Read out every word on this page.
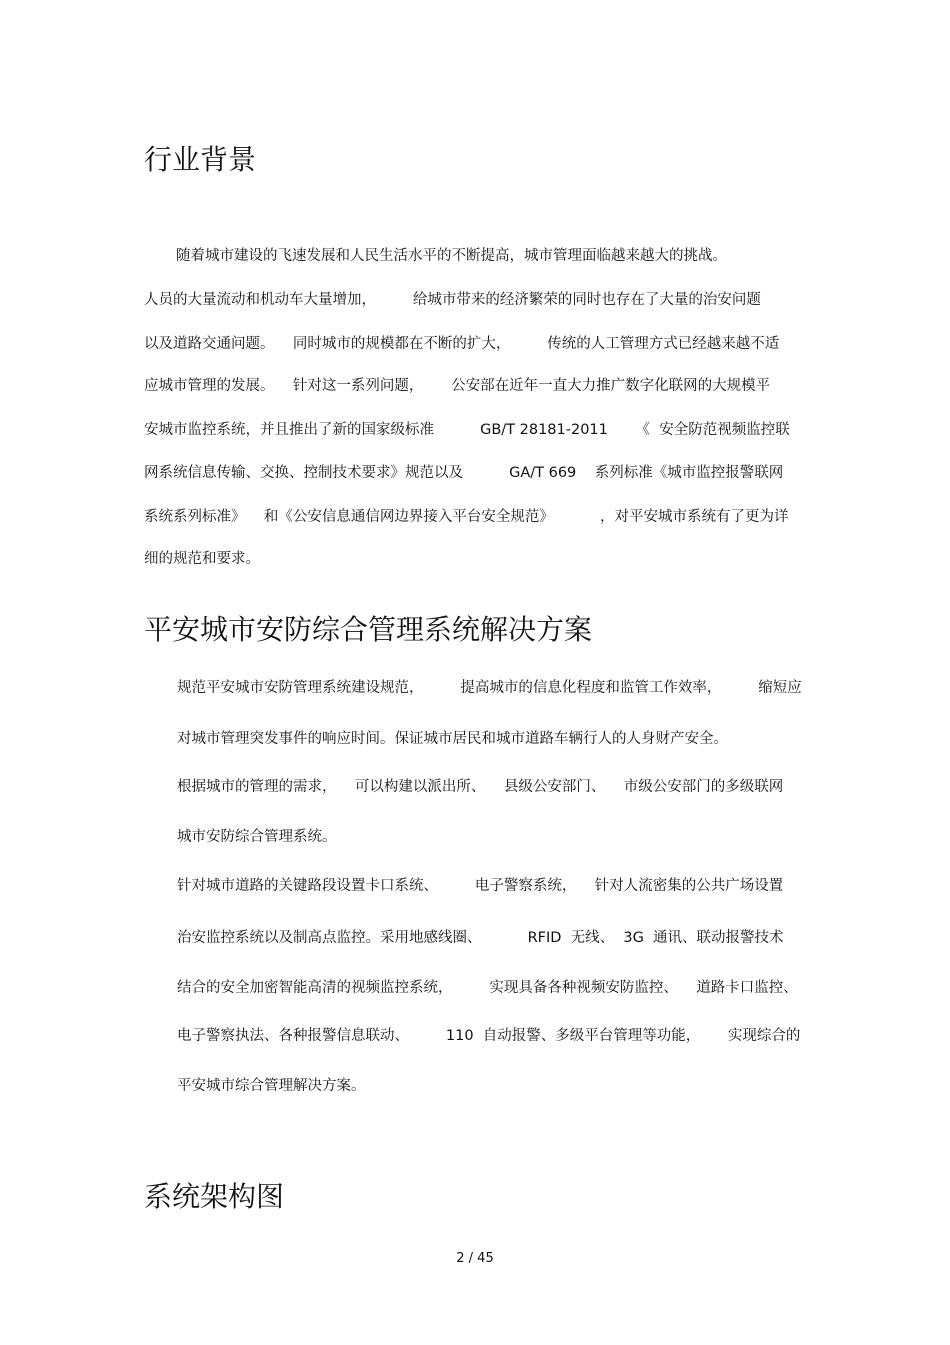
行业背景

随着城市建设的飞速发展和人民生活水平的不断提高，城市管理面临越来越大的挑战。

人员的大量流动和机动车大量增加，        给城市带来的经济繁荣的同时也存在了大量的治安问题

以及道路交通问题。    同时城市的规模都在不断的扩大，        传统的人工管理方式已经越来越不适

应城市管理的发展。    针对这一系列问题，      公安部在近年一直大力推广数字化联网的大规模平

安城市监控系统，并且推出了新的国家级标准          GB/T 28181-2011      《  安全防范视频监控联

网系统信息传输、交换、控制技术要求》规范以及          GA/T 669    系列标准《城市监控报警联网

系统系列标准》    和《公安信息通信网边界接入平台安全规范》          ，对平安城市系统有了更为详

细的规范和要求。

平安城市安防综合管理系统解决方案

规范平安城市安防管理系统建设规范，        提高城市的信息化程度和监管工作效率，        缩短应

对城市管理突发事件的响应时间。保证城市居民和城市道路车辆行人的人身财产安全。

根据城市的管理的需求，    可以构建以派出所、    县级公安部门、    市级公安部门的多级联网

城市安防综合管理系统。

针对城市道路的关键路段设置卡口系统、        电子警察系统，    针对人流密集的公共广场设置

治安监控系统以及制高点监控。采用地感线圈、          RFID  无线、  3G  通讯、联动报警技术

结合的安全加密智能高清的视频监控系统，        实现具备各种视频安防监控、    道路卡口监控、

电子警察执法、各种报警信息联动、        110  自动报警、多级平台管理等功能，      实现综合的

平安城市综合管理解决方案。

系统架构图
2 / 45
